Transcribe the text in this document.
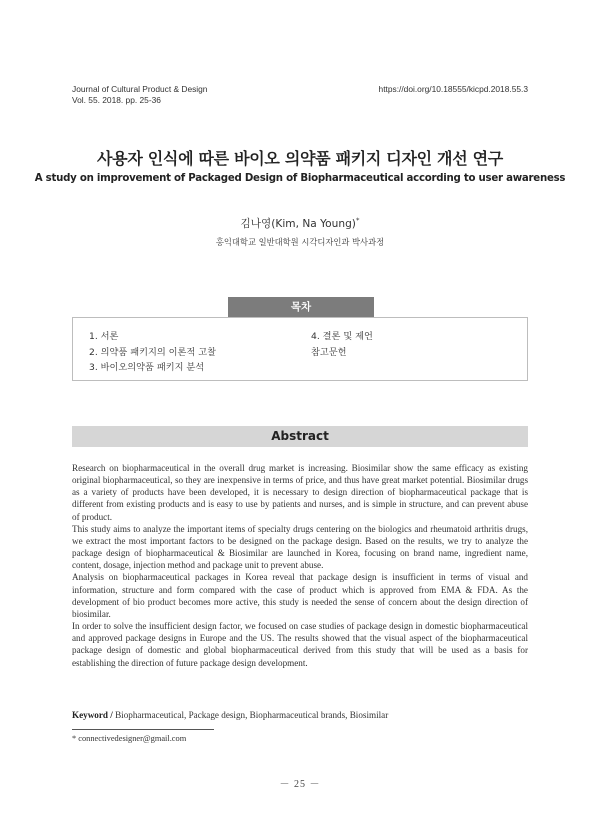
Journal of Cultural Product & Design
Vol. 55. 2018. pp. 25-36
https://doi.org/10.18555/kicpd.2018.55.3
사용자 인식에 따른 바이오 의약품 패키지 디자인 개선 연구
A study on improvement of Packaged Design of Biopharmaceutical according to user awareness
김나영(Kim, Na Young)*
홍익대학교 일반대학원 시각디자인과 박사과정
목차
1. 서론
2. 의약품 패키지의 이론적 고찰
3. 바이오의약품 패키지 분석
4. 결론 및 제언
참고문헌
Abstract

Research on biopharmaceutical in the overall drug market is increasing. Biosimilar show the same efficacy as existing original biopharmaceutical, so they are inexpensive in terms of price, and thus have great market potential. Biosimilar drugs as a variety of products have been developed, it is necessary to design direction of biopharmaceutical package that is different from existing products and is easy to use by patients and nurses, and is simple in structure, and can prevent abuse of product.

This study aims to analyze the important items of specialty drugs centering on the biologics and rheumatoid arthritis drugs, we extract the most important factors to be designed on the package design. Based on the results, we try to analyze the package design of biopharmaceutical & Biosimilar are launched in Korea, focusing on brand name, ingredient name, content, dosage, injection method and package unit to prevent abuse.

Analysis on biopharmaceutical packages in Korea reveal that package design is insufficient in terms of visual and information, structure and form compared with the case of product which is approved from EMA & FDA. As the development of bio product becomes more active, this study is needed the sense of concern about the design direction of biosimilar.

In order to solve the insufficient design factor, we focused on case studies of package design in domestic biopharmaceutical and approved package designs in Europe and the US. The results showed that the visual aspect of the biopharmaceutical package design of domestic and global biopharmaceutical derived from this study that will be used as a basis for establishing the direction of future package design development.

Keyword / Biopharmaceutical, Package design, Biopharmaceutical brands, Biosimilar
* connectivedesigner@gmail.com
－ 25 －
